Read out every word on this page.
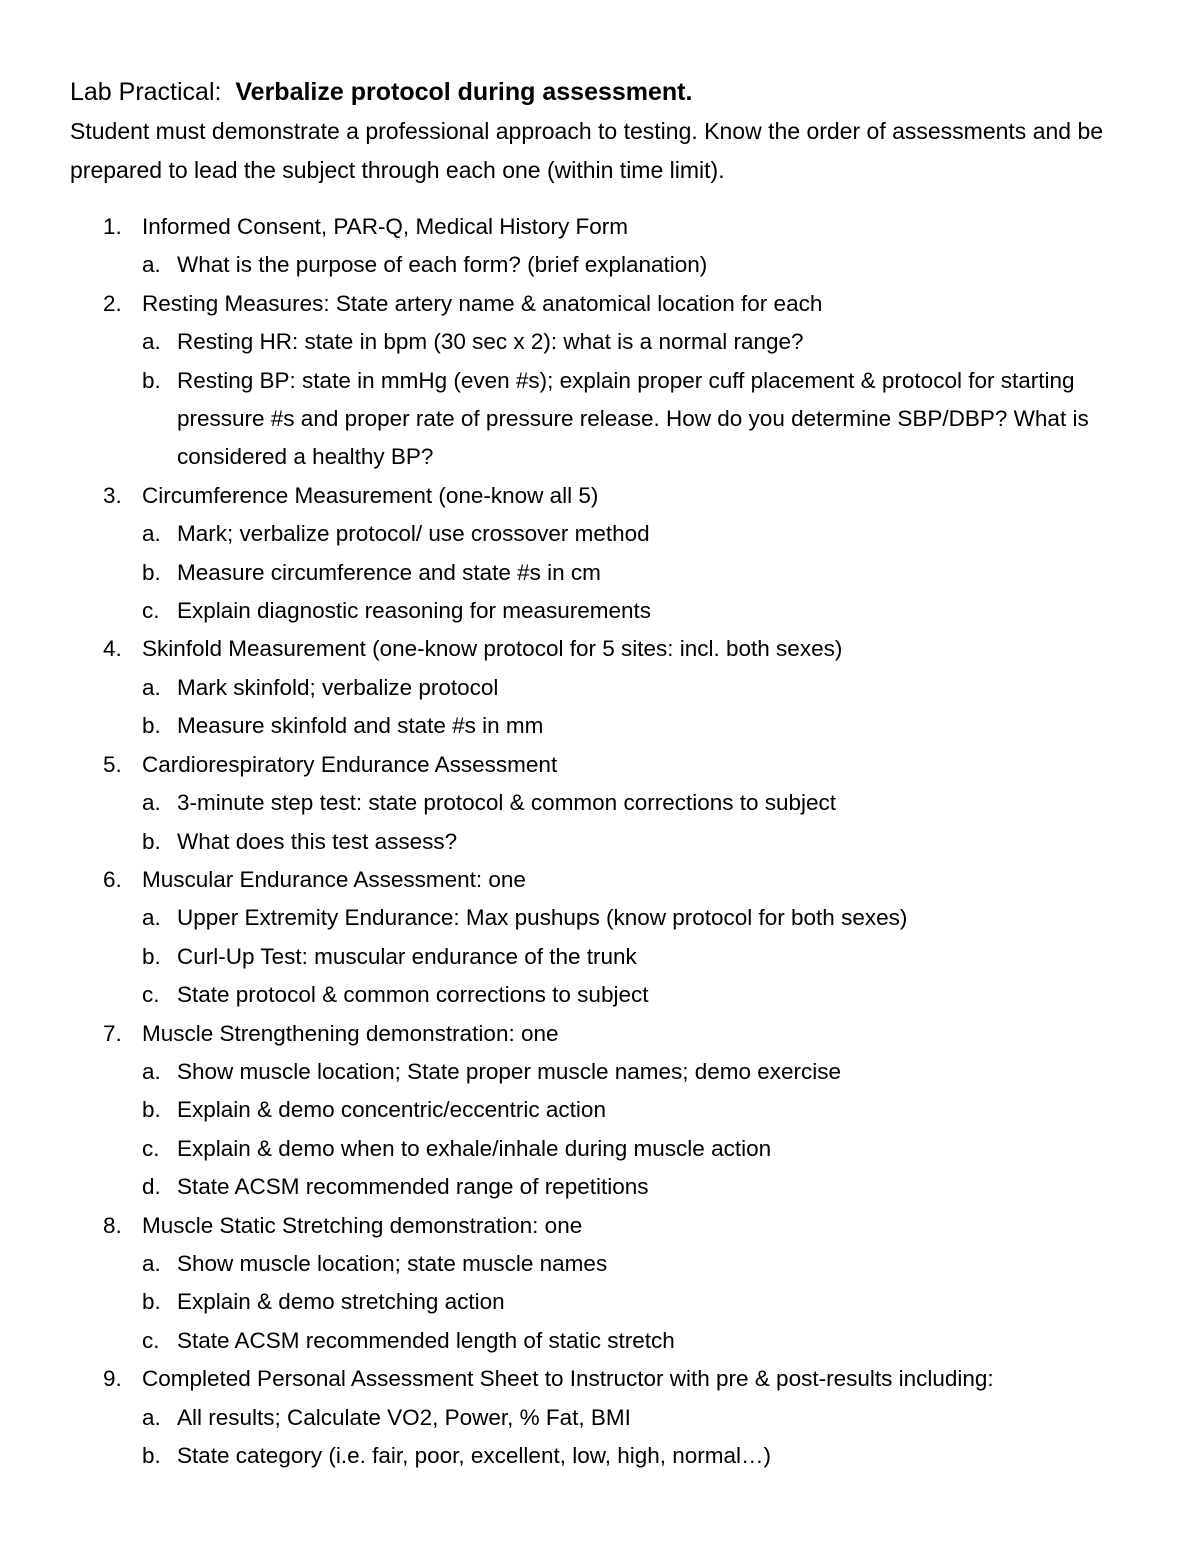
Lab Practical: Verbalize protocol during assessment.

Student must demonstrate a professional approach to testing. Know the order of assessments and be prepared to lead the subject through each one (within time limit).

1. Informed Consent, PAR-Q, Medical History Form
a. What is the purpose of each form? (brief explanation)
2. Resting Measures: State artery name & anatomical location for each
a. Resting HR: state in bpm (30 sec x 2): what is a normal range?
b. Resting BP: state in mmHg (even #s); explain proper cuff placement & protocol for starting pressure #s and proper rate of pressure release. How do you determine SBP/DBP? What is considered a healthy BP?
3. Circumference Measurement (one-know all 5)
a. Mark; verbalize protocol/ use crossover method
b. Measure circumference and state #s in cm
c. Explain diagnostic reasoning for measurements
4. Skinfold Measurement (one-know protocol for 5 sites: incl. both sexes)
a. Mark skinfold; verbalize protocol
b. Measure skinfold and state #s in mm
5. Cardiorespiratory Endurance Assessment
a. 3-minute step test: state protocol & common corrections to subject
b. What does this test assess?
6. Muscular Endurance Assessment: one
a. Upper Extremity Endurance: Max pushups (know protocol for both sexes)
b. Curl-Up Test: muscular endurance of the trunk
c. State protocol & common corrections to subject
7. Muscle Strengthening demonstration: one
a. Show muscle location; State proper muscle names; demo exercise
b. Explain & demo concentric/eccentric action
c. Explain & demo when to exhale/inhale during muscle action
d. State ACSM recommended range of repetitions
8. Muscle Static Stretching demonstration: one
a. Show muscle location; state muscle names
b. Explain & demo stretching action
c. State ACSM recommended length of static stretch
9. Completed Personal Assessment Sheet to Instructor with pre & post-results including:
a. All results; Calculate VO2, Power, % Fat, BMI
b. State category (i.e. fair, poor, excellent, low, high, normal…)
